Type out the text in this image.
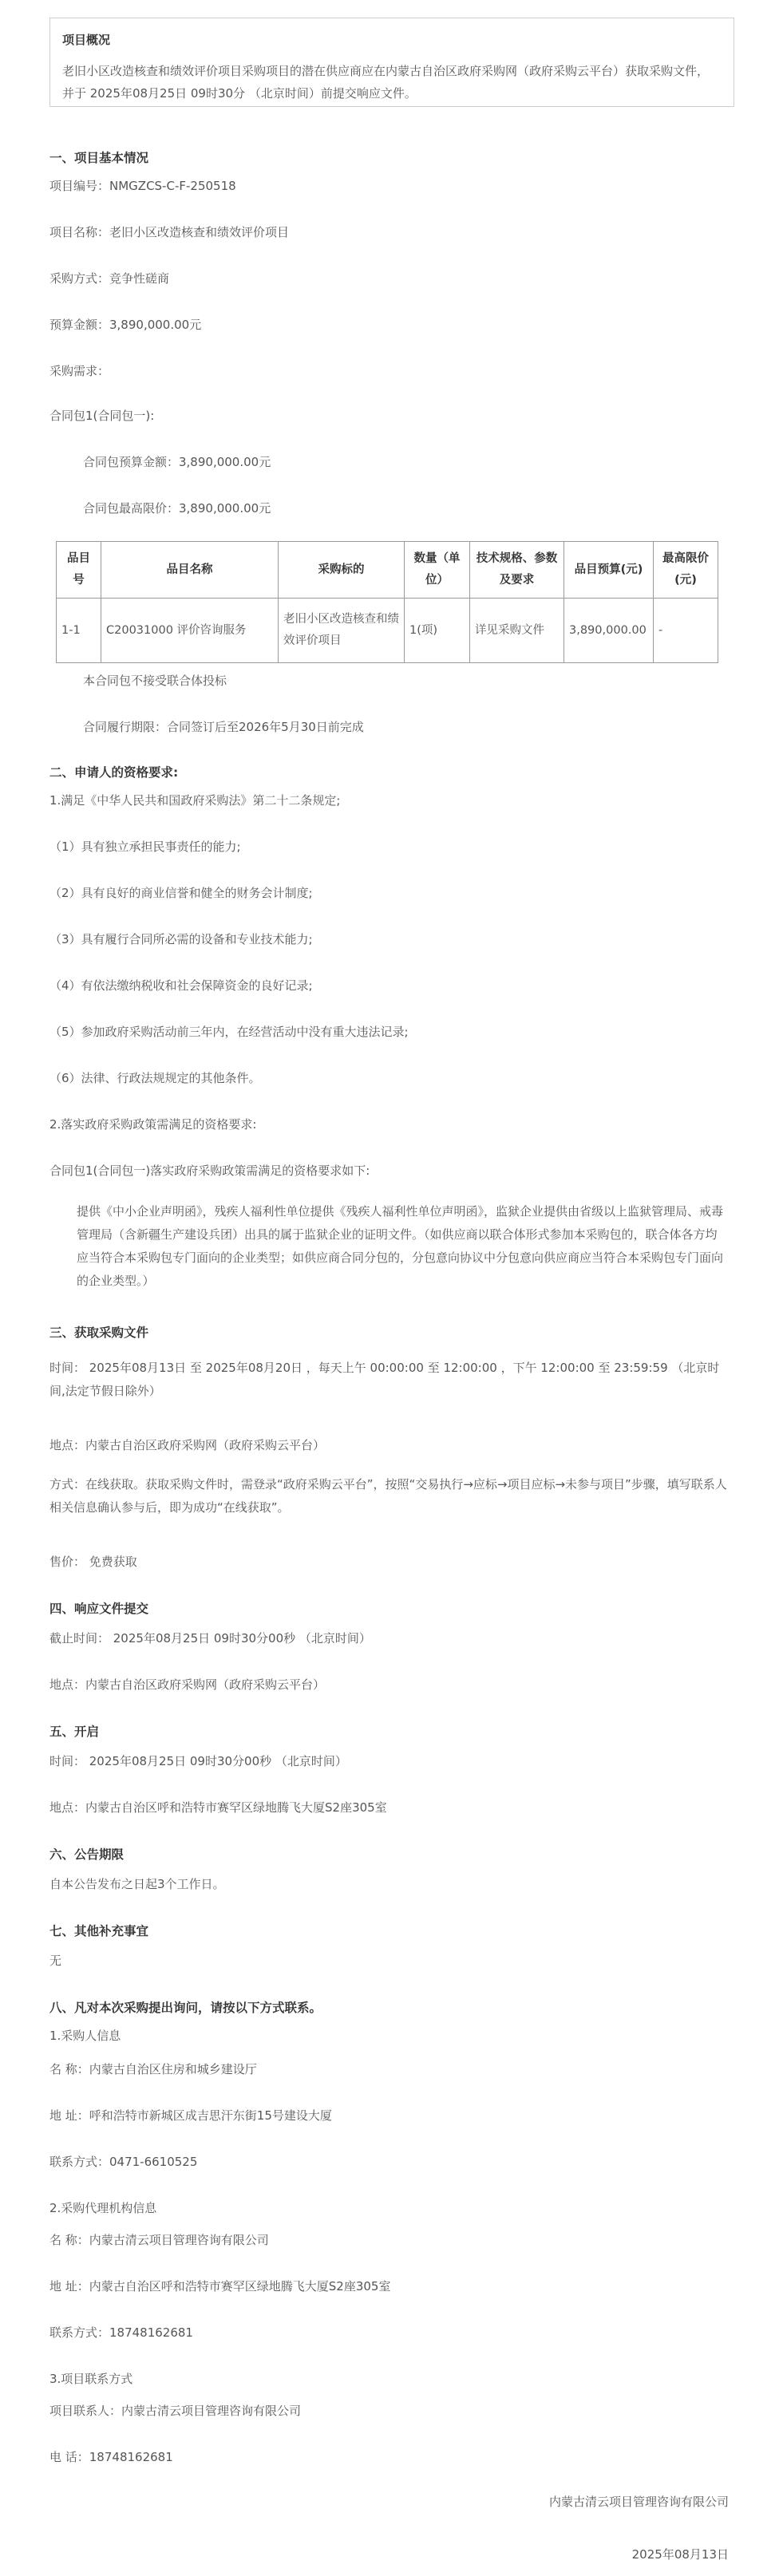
项目概况
老旧小区改造核查和绩效评价项目采购项目的潜在供应商应在内蒙古自治区政府采购网（政府采购云平台）获取采购文件，并于 2025年08月25日 09时30分 （北京时间）前提交响应文件。
一、项目基本情况
项目编号：NMGZCS-C-F-250518
项目名称：老旧小区改造核查和绩效评价项目
采购方式：竞争性磋商
预算金额：3,890,000.00元
采购需求：
合同包1(合同包一):
合同包预算金额：3,890,000.00元
合同包最高限价：3,890,000.00元
品目号	品目名称	采购标的	数量（单位）	技术规格、参数及要求	品目预算(元)	最高限价(元)
1-1	C20031000 评价咨询服务	老旧小区改造核查和绩效评价项目	1(项)	详见采购文件	3,890,000.00	-
本合同包不接受联合体投标
合同履行期限：合同签订后至2026年5月30日前完成
二、申请人的资格要求:
1.满足《中华人民共和国政府采购法》第二十二条规定;
（1）具有独立承担民事责任的能力;
（2）具有良好的商业信誉和健全的财务会计制度;
（3）具有履行合同所必需的设备和专业技术能力;
（4）有依法缴纳税收和社会保障资金的良好记录;
（5）参加政府采购活动前三年内，在经营活动中没有重大违法记录;
（6）法律、行政法规规定的其他条件。
2.落实政府采购政策需满足的资格要求:
合同包1(合同包一)落实政府采购政策需满足的资格要求如下:
提供《中小企业声明函》，残疾人福利性单位提供《残疾人福利性单位声明函》，监狱企业提供由省级以上监狱管理局、戒毒管理局（含新疆生产建设兵团）出具的属于监狱企业的证明文件。（如供应商以联合体形式参加本采购包的，联合体各方均应当符合本采购包专门面向的企业类型；如供应商合同分包的，分包意向协议中分包意向供应商应当符合本采购包专门面向的企业类型。）
三、获取采购文件
时间： 2025年08月13日 至 2025年08月20日 ，每天上午 00:00:00 至 12:00:00 ，下午 12:00:00 至 23:59:59 （北京时间,法定节假日除外）
地点：内蒙古自治区政府采购网（政府采购云平台）
方式：在线获取。获取采购文件时，需登录“政府采购云平台”，按照“交易执行→应标→项目应标→未参与项目”步骤，填写联系人相关信息确认参与后，即为成功“在线获取”。
售价： 免费获取
四、响应文件提交
截止时间： 2025年08月25日 09时30分00秒 （北京时间）
地点：内蒙古自治区政府采购网（政府采购云平台）
五、开启
时间： 2025年08月25日 09时30分00秒 （北京时间）
地点：内蒙古自治区呼和浩特市赛罕区绿地腾飞大厦S2座305室
六、公告期限
自本公告发布之日起3个工作日。
七、其他补充事宜
无
八、凡对本次采购提出询问，请按以下方式联系。
1.采购人信息
名 称：内蒙古自治区住房和城乡建设厅
地 址：呼和浩特市新城区成吉思汗东街15号建设大厦
联系方式：0471-6610525
2.采购代理机构信息
名 称：内蒙古清云项目管理咨询有限公司
地 址：内蒙古自治区呼和浩特市赛罕区绿地腾飞大厦S2座305室
联系方式：18748162681
3.项目联系方式
项目联系人：内蒙古清云项目管理咨询有限公司
电 话：18748162681
内蒙古清云项目管理咨询有限公司
2025年08月13日
